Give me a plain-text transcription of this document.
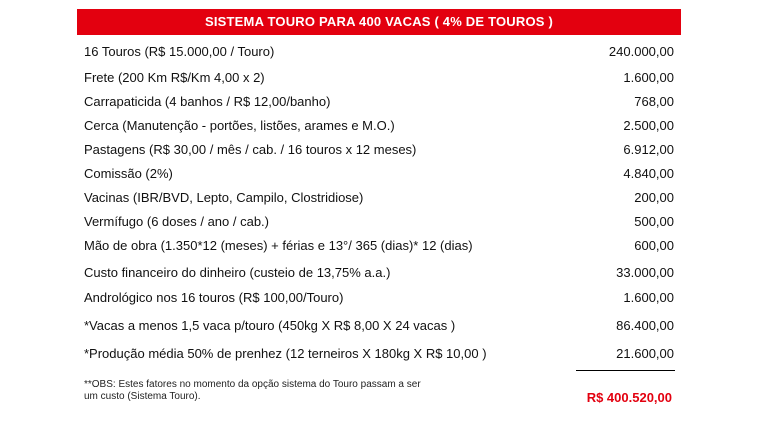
SISTEMA TOURO PARA 400 VACAS ( 4% DE TOUROS )
16 Touros (R$ 15.000,00 / Touro)	240.000,00
Frete (200 Km R$/Km 4,00 x 2)	1.600,00
Carrapaticida (4 banhos / R$ 12,00/banho)	768,00
Cerca (Manutenção - portões, listões, arames e M.O.)	2.500,00
Pastagens (R$ 30,00 / mês / cab. / 16 touros x 12 meses)	6.912,00
Comissão (2%)	4.840,00
Vacinas (IBR/BVD, Lepto, Campilo, Clostridiose)	200,00
Vermífugo (6 doses / ano / cab.)	500,00
Mão de obra (1.350*12 (meses) + férias e 13°/ 365 (dias)* 12 (dias)	600,00
Custo financeiro do dinheiro (custeio de 13,75% a.a.)	33.000,00
Andrológico nos 16 touros (R$ 100,00/Touro)	1.600,00
*Vacas a menos 1,5 vaca p/touro (450kg X R$ 8,00 X 24 vacas )	86.400,00
*Produção média 50% de prenhez (12 terneiros X 180kg X R$ 10,00 )	21.600,00
**OBS: Estes fatores no momento da opção sistema do Touro passam a ser um custo (Sistema Touro).	R$ 400.520,00
